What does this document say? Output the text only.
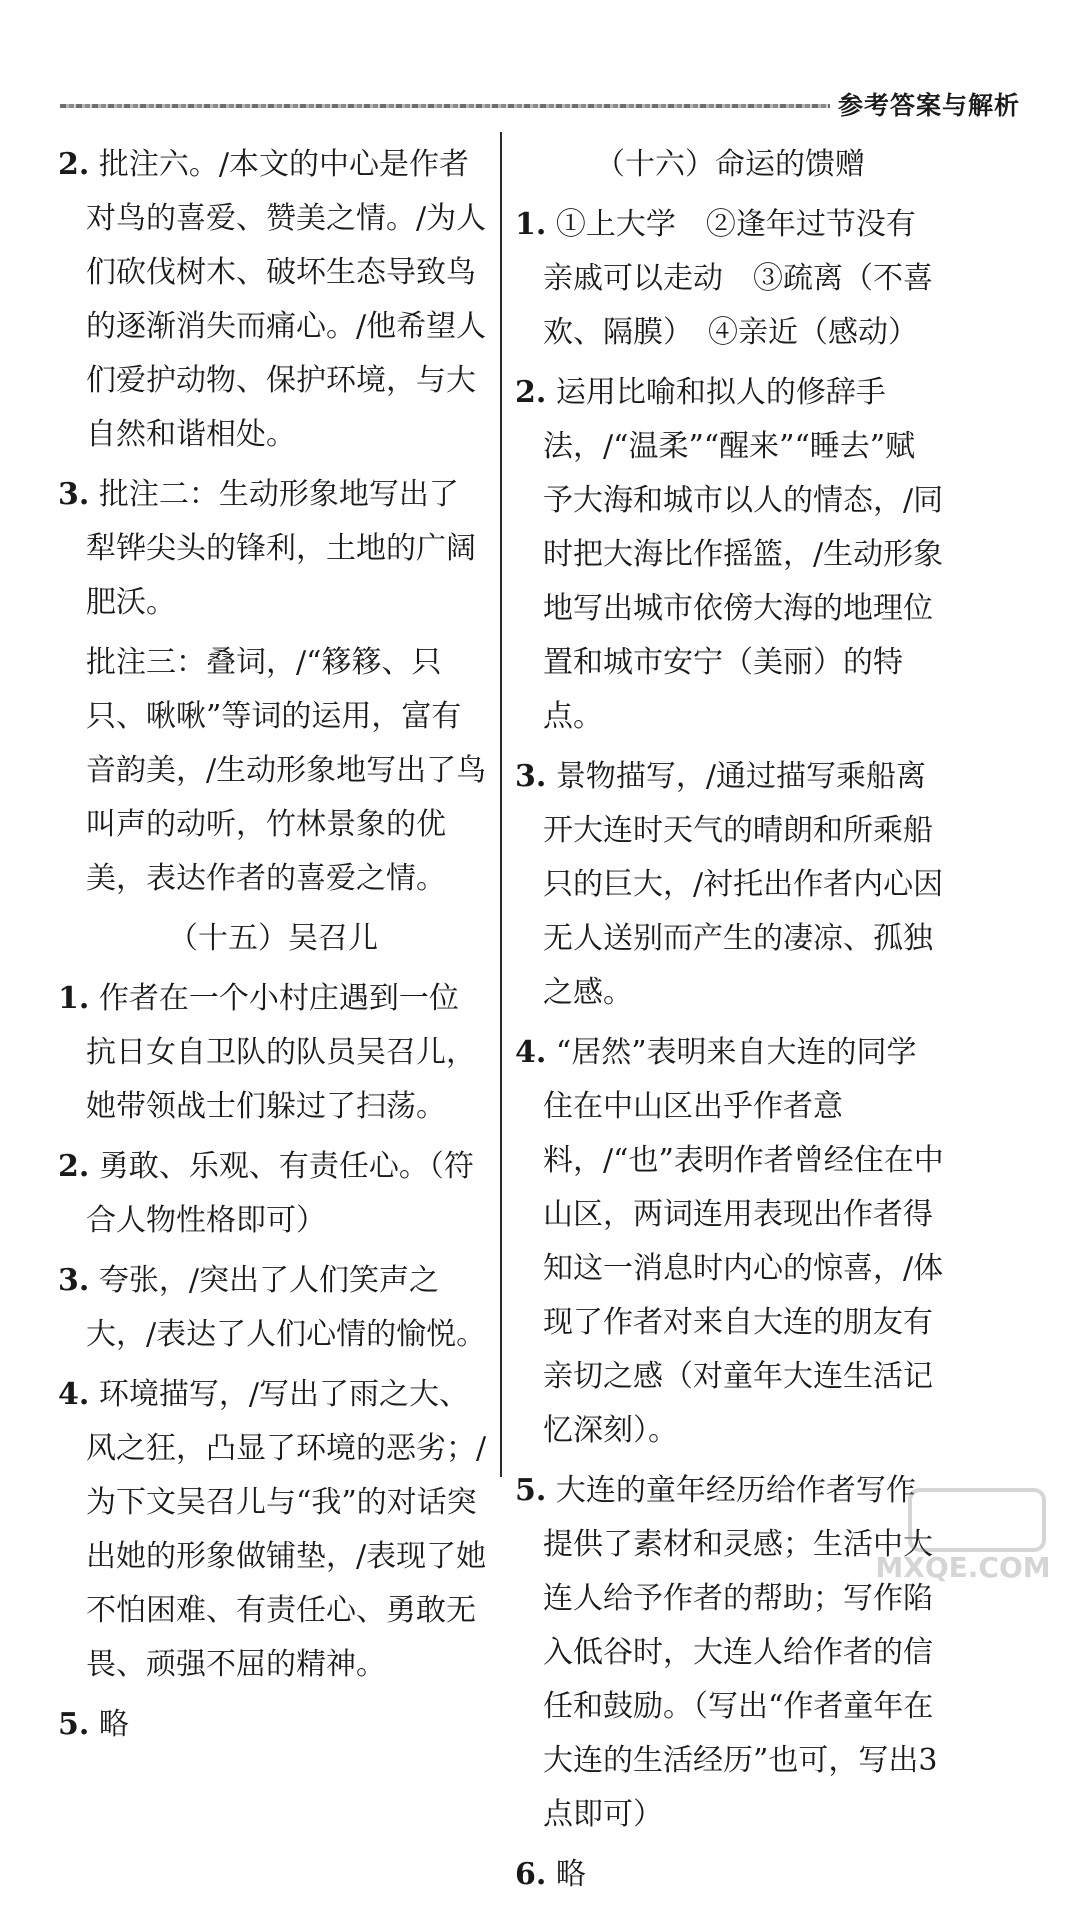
参考答案与解析
2. 批注六。/本文的中心是作者对鸟的喜爱、赞美之情。/为人们砍伐树木、破坏生态导致鸟的逐渐消失而痛心。/他希望人们爱护动物、保护环境，与大自然和谐相处。
3. 批注二：生动形象地写出了犁铧尖头的锋利，土地的广阔肥沃。
批注三：叠词，/“簃簃、只只、啾啾”等词的运用，富有音韵美，/生动形象地写出了鸟叫声的动听，竹林景象的优美，表达作者的喜爱之情。
（十五）吴召儿
1. 作者在一个小村庄遇到一位抗日女自卫队的队员吴召儿，她带领战士们躲过了扫荡。
2. 勇敢、乐观、有责任心。（符合人物性格即可）
3. 夸张，/突出了人们笑声之大，/表达了人们心情的愉悦。
4. 环境描写，/写出了雨之大、风之狂，凸显了环境的恶劣；/为下文吴召儿与“我”的对话突出她的形象做铺垫，/表现了她不怕困难、有责任心、勇敢无畏、顽强不屈的精神。
5. 略
（十六）命运的馈赠
1. ①上大学　②逢年过节没有亲戚可以走动　③疏离（不喜欢、隔膜）　④亲近（感动）
2. 运用比喻和拟人的修辞手法，/“温柔”“醒来”“睡去”赋予大海和城市以人的情态，/同时把大海比作摇篮，/生动形象地写出城市依傍大海的地理位置和城市安宁（美丽）的特点。
3. 景物描写，/通过描写乘船离开大连时天气的晴朗和所乘船只的巨大，/衬托出作者内心因无人送别而产生的凄凉、孤独之感。
4. “居然”表明来自大连的同学住在中山区出乎作者意料，/“也”表明作者曾经住在中山区，两词连用表现出作者得知这一消息时内心的惊喜，/体现了作者对来自大连的朋友有亲切之感（对童年大连生活记忆深刻）。
5. 大连的童年经历给作者写作提供了素材和灵感；生活中大连人给予作者的帮助；写作陷入低谷时，大连人给作者的信任和鼓励。（写出“作者童年在大连的生活经历”也可，写出3点即可）
6. 略
MXQE.COM
